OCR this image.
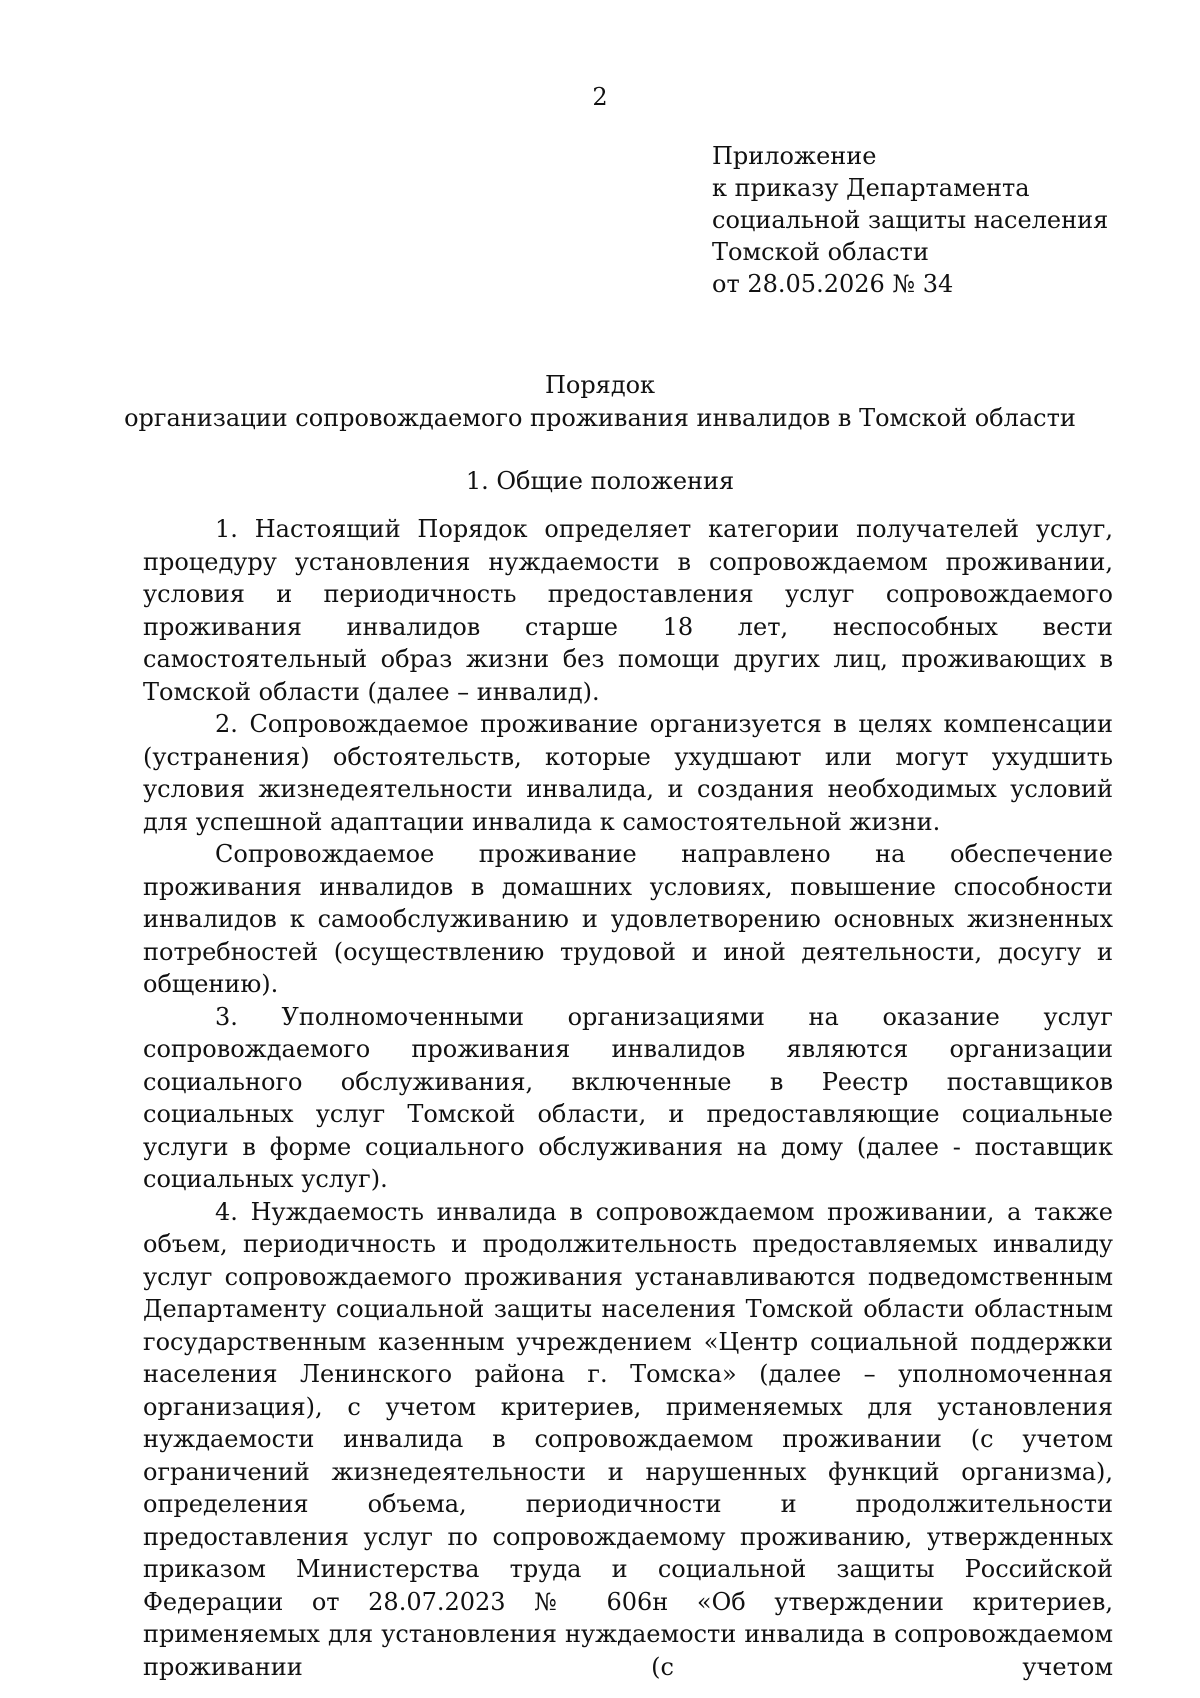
2
Приложение
к приказу Департамента
социальной защиты населения
Томской области
от 28.05.2026 № 34
Порядок
организации сопровождаемого проживания инвалидов в Томской области
1. Общие положения

1. Настоящий Порядок определяет категории получателей услуг, процедуру установления нуждаемости в сопровождаемом проживании, условия и периодичность предоставления услуг сопровождаемого проживания инвалидов старше 18 лет, неспособных вести самостоятельный образ жизни без помощи других лиц, проживающих в Томской области (далее – инвалид).

2. Сопровождаемое проживание организуется в целях компенсации (устранения) обстоятельств, которые ухудшают или могут ухудшить условия жизнедеятельности инвалида, и создания необходимых условий для успешной адаптации инвалида к самостоятельной жизни.

Сопровождаемое проживание направлено на обеспечение проживания инвалидов в домашних условиях, повышение способности инвалидов к самообслуживанию и удовлетворению основных жизненных потребностей (осуществлению трудовой и иной деятельности, досугу и общению).

3. Уполномоченными организациями на оказание услуг сопровождаемого проживания инвалидов являются организации социального обслуживания, включенные в Реестр поставщиков социальных услуг Томской области, и предоставляющие социальные услуги в форме социального обслуживания на дому (далее - поставщик социальных услуг).

4. Нуждаемость инвалида в сопровождаемом проживании, а также объем, периодичность и продолжительность предоставляемых инвалиду услуг сопровождаемого проживания устанавливаются подведомственным Департаменту социальной защиты населения Томской области областным государственным казенным учреждением «Центр социальной поддержки населения Ленинского района г. Томска» (далее – уполномоченная организация), с учетом критериев, применяемых для установления нуждаемости инвалида в сопровождаемом проживании (с учетом ограничений жизнедеятельности и нарушенных функций организма), определения объема, периодичности и продолжительности предоставления услуг по сопровождаемому проживанию, утвержденных приказом Министерства труда и социальной защиты Российской Федерации от 28.07.2023 № 606н «Об утверждении критериев, применяемых для установления нуждаемости инвалида в сопровождаемом проживании (с учетом
